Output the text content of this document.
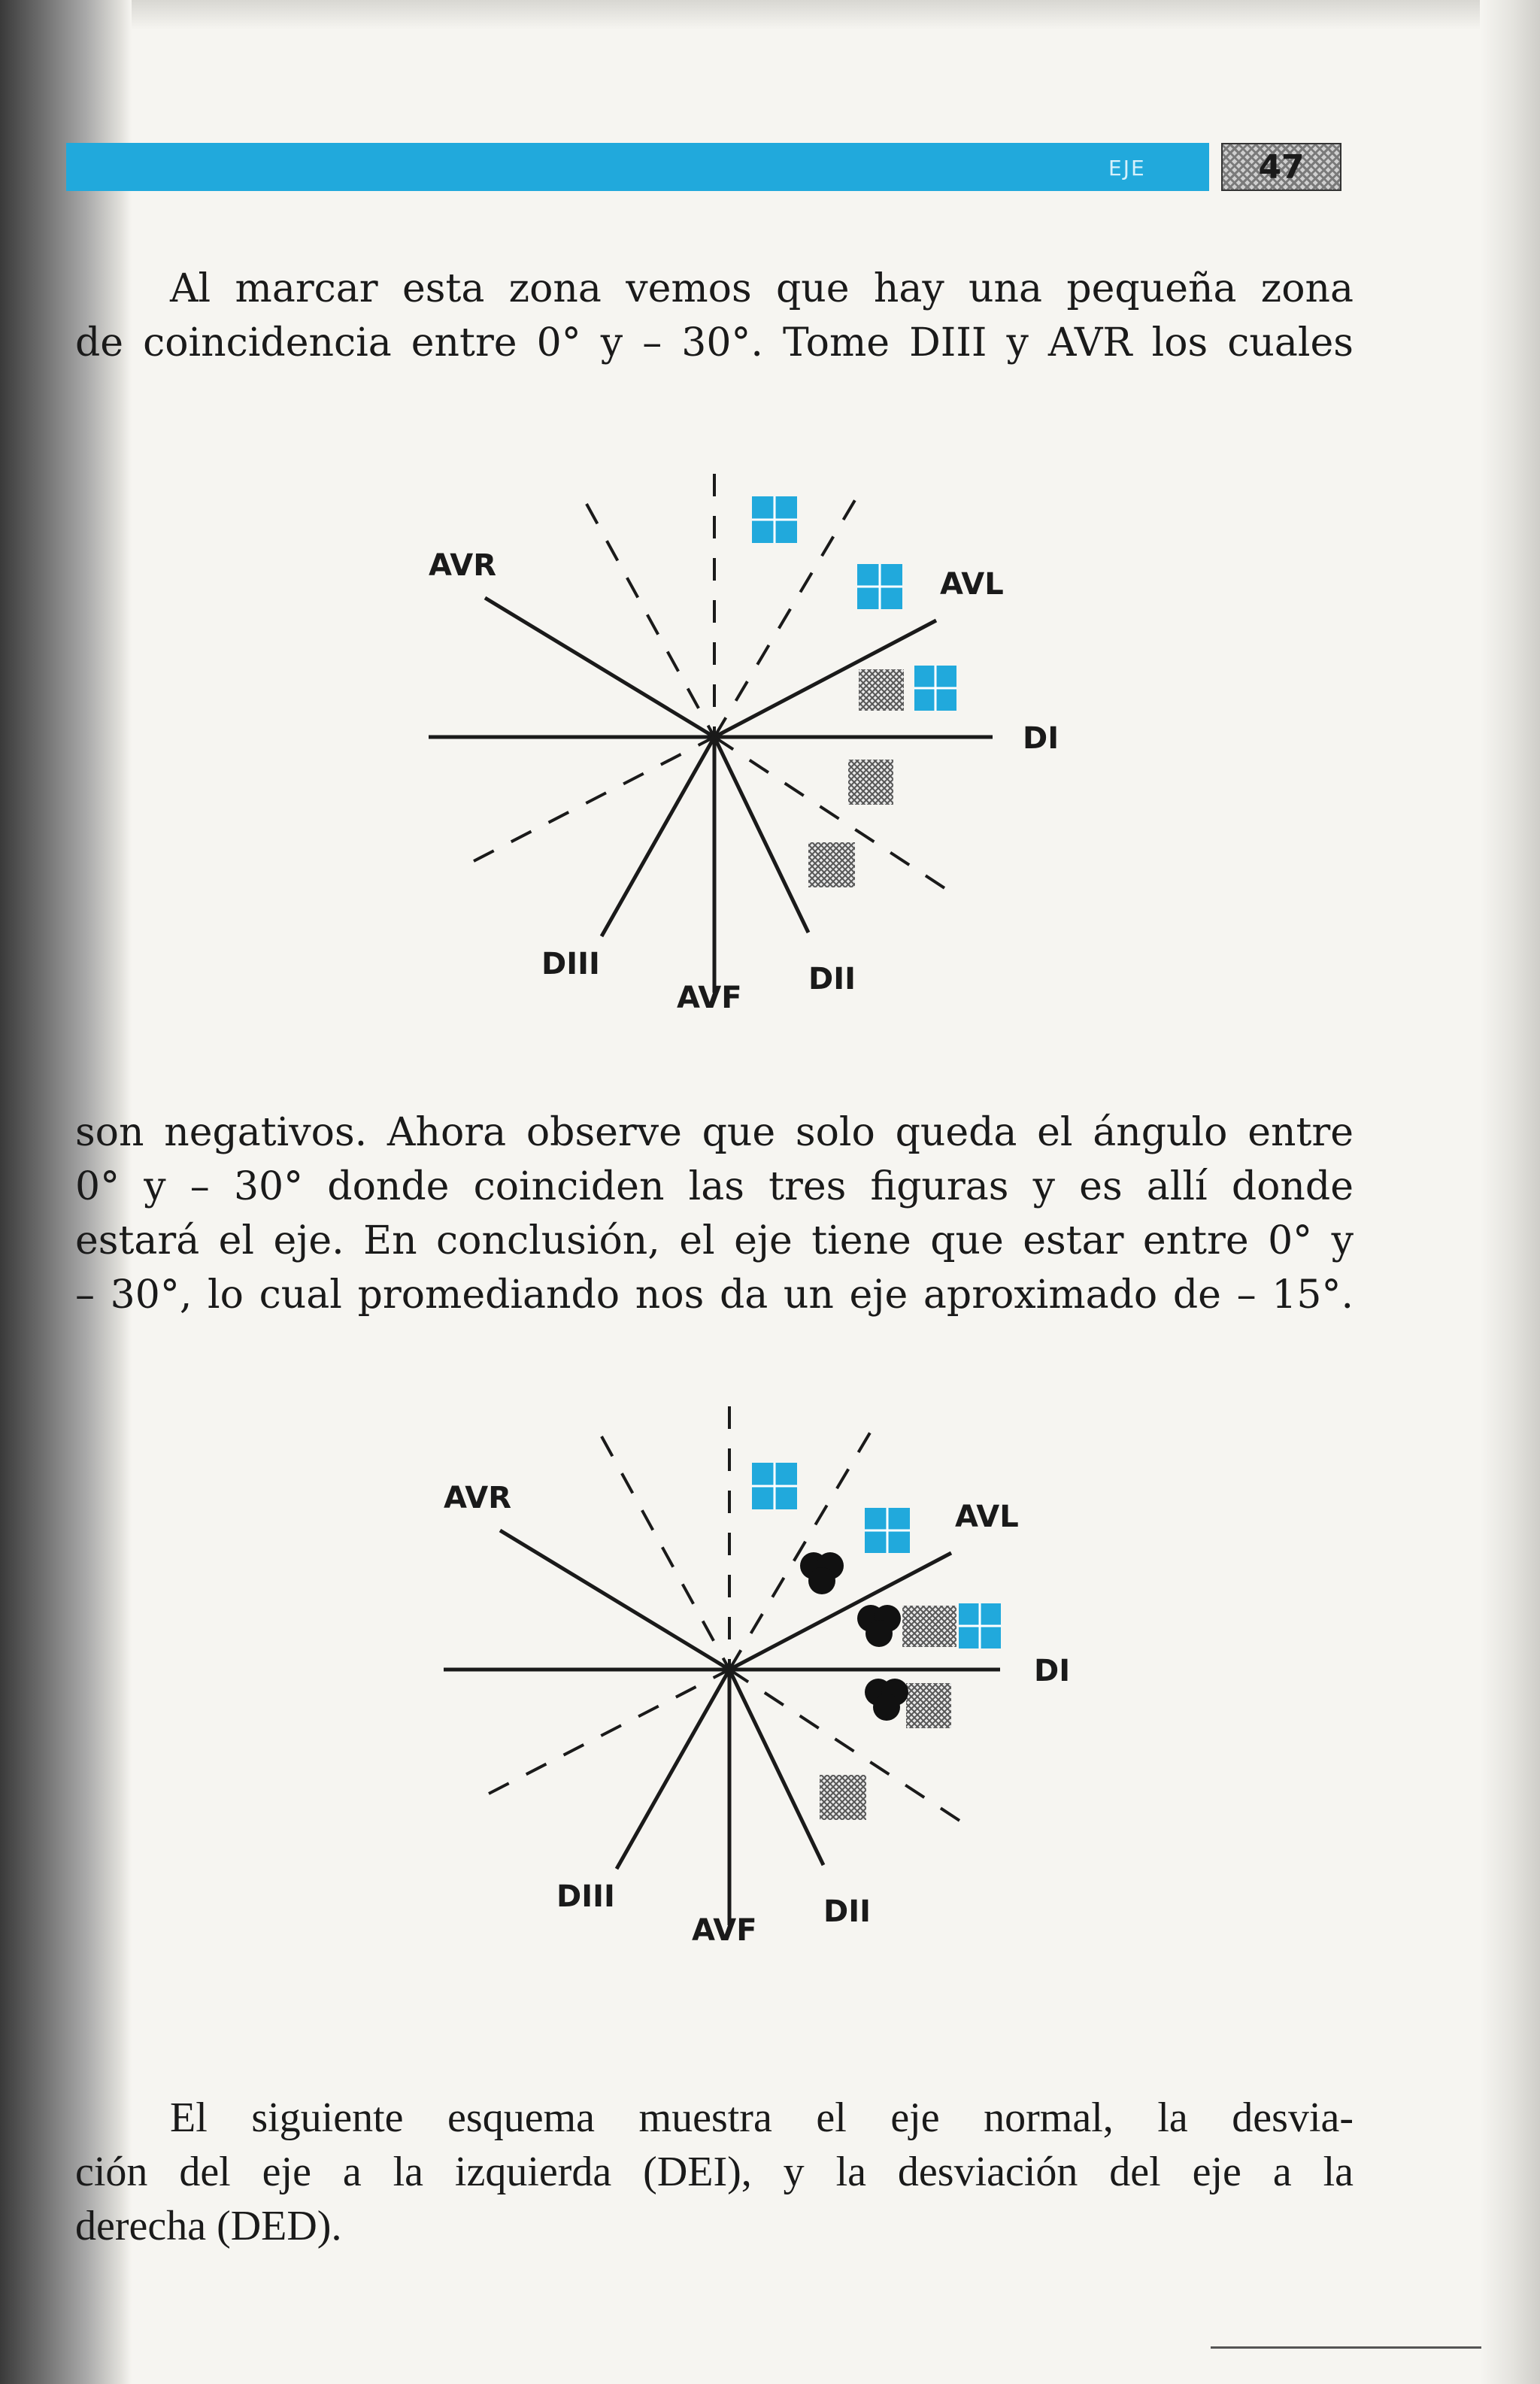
EJE	47

Al marcar esta zona vemos que hay una pequeña zona
de coincidencia entre 0° y – 30°. Tome DIII y AVR los cuales

AVR
AVL
DI
DIII
AVF
DII

son negativos. Ahora observe que solo queda el ángulo entre
0° y – 30° donde coinciden las tres figuras y es allí donde
estará el eje. En conclusión, el eje tiene que estar entre 0° y
– 30°, lo cual promediando nos da un eje aproximado de – 15°.

AVR
AVL
DI
DIII
AVF
DII

El siguiente esquema muestra el eje normal, la desvia-
ción del eje a la izquierda (DEI), y la desviación del eje a la
derecha (DED).
